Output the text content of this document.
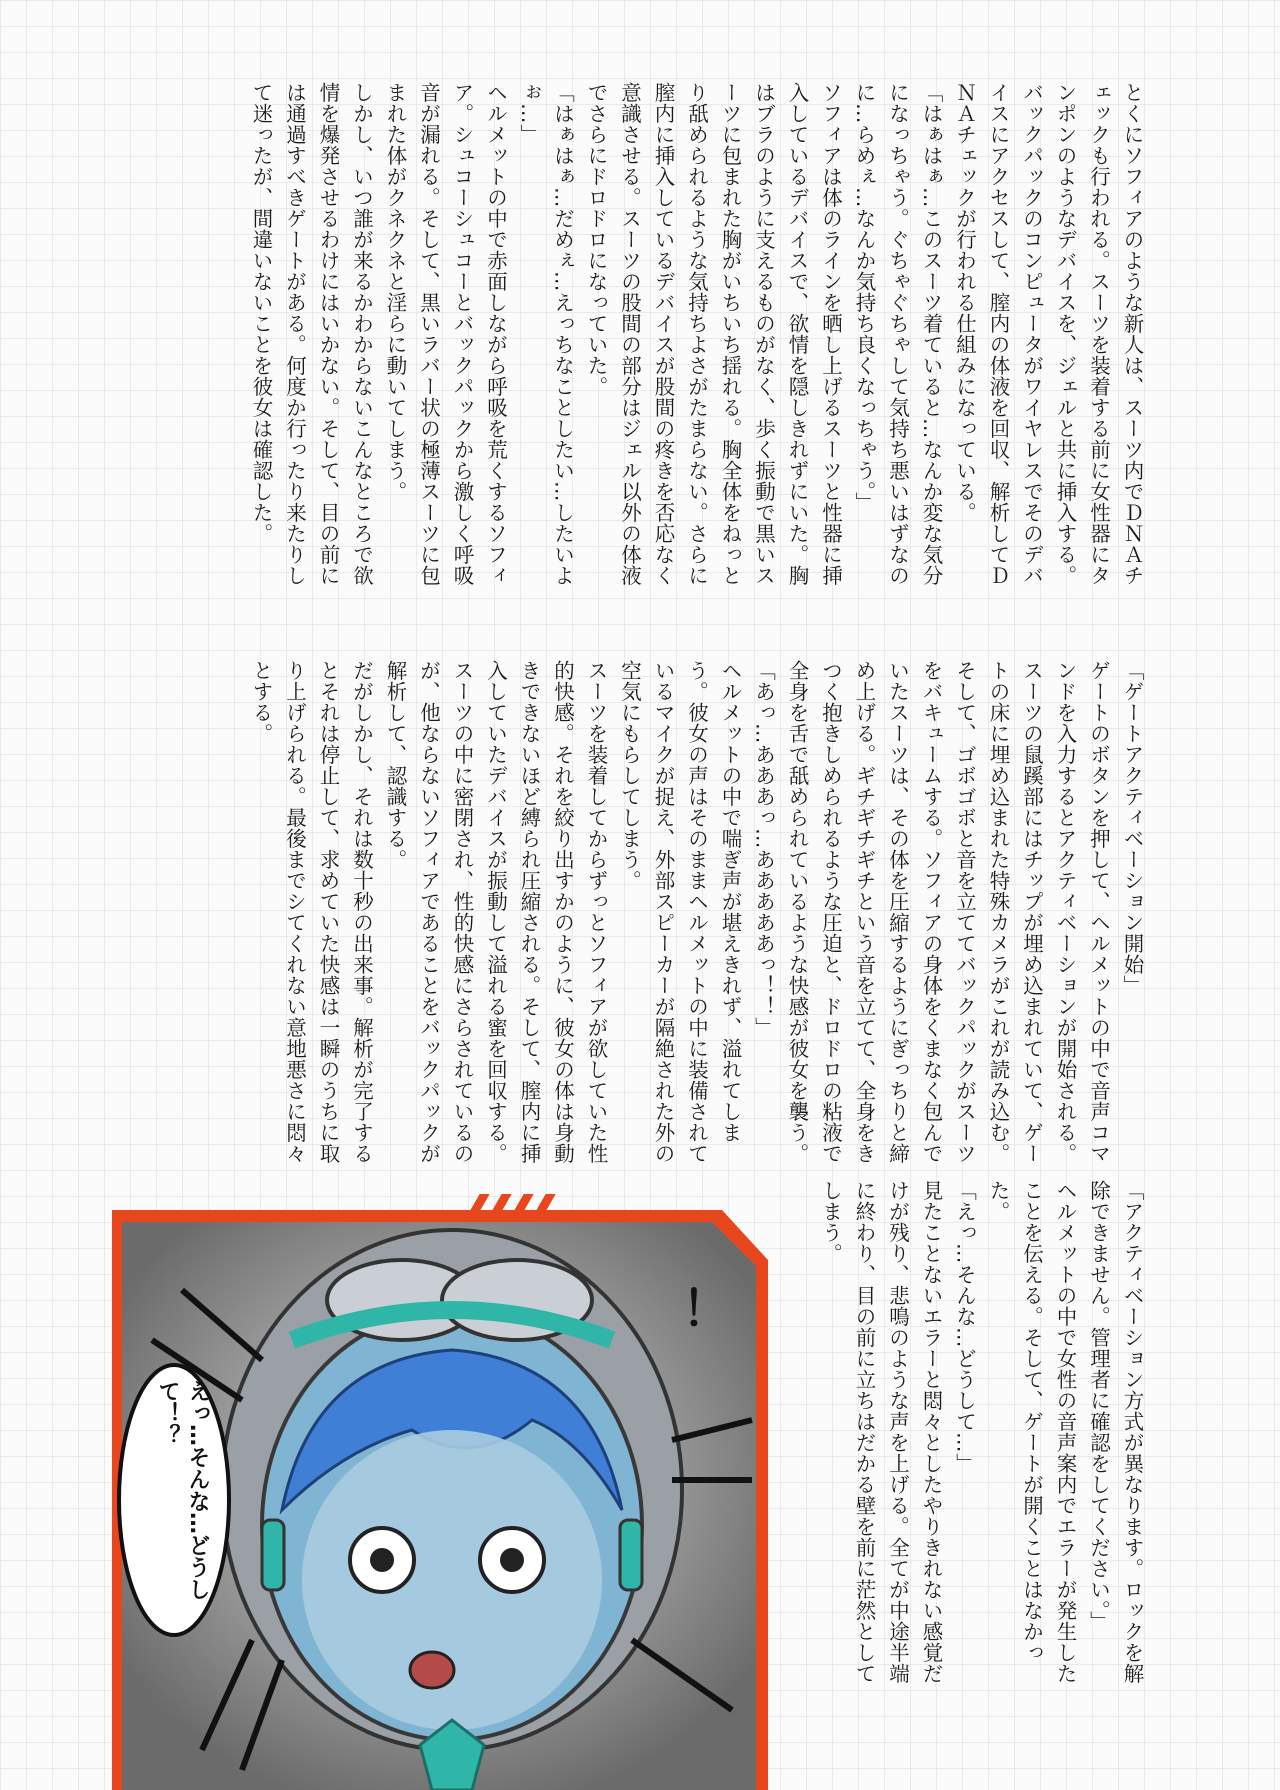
とくにソフィアのような新人は、スーツ内でＤＮＡチェックも行われる。スーツを装着する前に女性器にタンポンのようなデバイスを、ジェルと共に挿入する。バックパックのコンピュータがワイヤレスでそのデバイスにアクセスして、膣内の体液を回収、解析してＤＮＡチェックが行われる仕組みになっている。

「はぁはぁ…このスーツ着ていると…なんか変な気分になっちゃう。ぐちゃぐちゃして気持ち悪いはずなのに…らめぇ…なんか気持ち良くなっちゃう。」

ソフィアは体のラインを晒し上げるスーツと性器に挿入しているデバイスで、欲情を隠しきれずにいた。胸はブラのように支えるものがなく、歩く振動で黒いスーツに包まれた胸がいちいち揺れる。胸全体をねっとり舐められるような気持ちよさがたまらない。さらに膣内に挿入しているデバイスが股間の疼きを否応なく意識させる。スーツの股間の部分はジェル以外の体液でさらにドロドロになっていた。

「はぁはぁ…だめぇ…えっちなことしたい…したいよぉ…」

ヘルメットの中で赤面しながら呼吸を荒くするソフィア。シュコーシュコーとバックパックから激しく呼吸音が漏れる。そして、黒いラバー状の極薄スーツに包まれた体がクネクネと淫らに動いてしまう。

しかし、いつ誰が来るかわからないこんなところで欲情を爆発させるわけにはいかない。そして、目の前には通過すべきゲートがある。何度か行ったり来たりして迷ったが、間違いないことを彼女は確認した。

「ゲートアクティベーション開始」

ゲートのボタンを押して、ヘルメットの中で音声コマンドを入力するとアクティベーションが開始される。スーツの鼠蹊部にはチップが埋め込まれていて、ゲートの床に埋め込まれた特殊カメラがこれが読み込む。

そして、ゴボゴボと音を立ててバックパックがスーツをバキュームする。ソフィアの身体をくまなく包んでいたスーツは、その体を圧縮するようにぎっちりと締め上げる。ギチギチギチという音を立てて、全身をきつく抱きしめられるような圧迫と、ドロドロの粘液で全身を舌で舐められているような快感が彼女を襲う。

「あっ…あああっ…あああああっ！！」

ヘルメットの中で喘ぎ声が堪えきれず、溢れてしまう。彼女の声はそのままヘルメットの中に装備されているマイクが捉え、外部スピーカーが隔絶された外の空気にもらしてしまう。

スーツを装着してからずっとソフィアが欲していた性的快感。それを絞り出すかのように、彼女の体は身動きできないほど縛られ圧縮される。そして、膣内に挿入していたデバイスが振動して溢れる蜜を回収する。スーツの中に密閉され、性的快感にさらされているのが、他ならないソフィアであることをバックパックが解析して、認識する。

だがしかし、それは数十秒の出来事。解析が完了するとそれは停止して、求めていた快感は一瞬のうちに取り上げられる。最後までシてくれない意地悪さに悶々とする。

「アクティベーション方式が異なります。ロックを解除できません。管理者に確認をしてください。」

ヘルメットの中で女性の音声案内でエラーが発生したことを伝える。そして、ゲートが開くことはなかった。

「えっ…そんな…どうして…」

見たことないエラーと悶々としたやりきれない感覚だけが残り、悲鳴のような声を上げる。全てが中途半端に終わり、目の前に立ちはだかる壁を前に茫然としてしまう。

えっ…そんな…どうして！？
！
